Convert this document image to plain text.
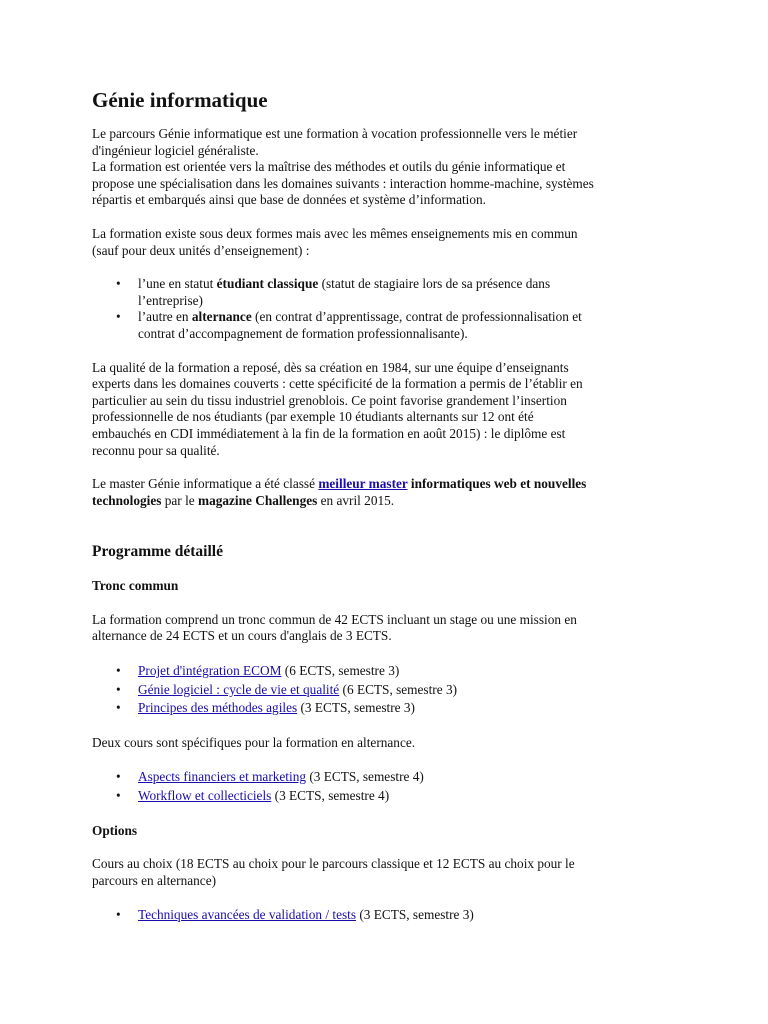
Génie informatique

Le parcours Génie informatique est une formation à vocation professionnelle vers le métier
d'ingénieur logiciel généraliste.
La formation est orientée vers la maîtrise des méthodes et outils du génie informatique et
propose une spécialisation dans les domaines suivants : interaction homme-machine, systèmes
répartis et embarqués ainsi que base de données et système d’information.

La formation existe sous deux formes mais avec les mêmes enseignements mis en commun
(sauf pour deux unités d’enseignement) :

• l’une en statut étudiant classique (statut de stagiaire lors de sa présence dans
l’entreprise)
• l’autre en alternance (en contrat d’apprentissage, contrat de professionnalisation et
contrat d’accompagnement de formation professionnalisante).

La qualité de la formation a reposé, dès sa création en 1984, sur une équipe d’enseignants
experts dans les domaines couverts : cette spécificité de la formation a permis de l’établir en
particulier au sein du tissu industriel grenoblois. Ce point favorise grandement l’insertion
professionnelle de nos étudiants (par exemple 10 étudiants alternants sur 12 ont été
embauchés en CDI immédiatement à la fin de la formation en août 2015) : le diplôme est
reconnu pour sa qualité.

Le master Génie informatique a été classé meilleur master informatiques web et nouvelles
technologies par le magazine Challenges en avril 2015.

Programme détaillé
Tronc commun

La formation comprend un tronc commun de 42 ECTS incluant un stage ou une mission en
alternance de 24 ECTS et un cours d'anglais de 3 ECTS.

• Projet d'intégration ECOM (6 ECTS, semestre 3)
• Génie logiciel : cycle de vie et qualité (6 ECTS, semestre 3)
• Principes des méthodes agiles (3 ECTS, semestre 3)

Deux cours sont spécifiques pour la formation en alternance.

• Aspects financiers et marketing (3 ECTS, semestre 4)
• Workflow et collecticiels (3 ECTS, semestre 4)
Options

Cours au choix (18 ECTS au choix pour le parcours classique et 12 ECTS au choix pour le
parcours en alternance)

• Techniques avancées de validation / tests (3 ECTS, semestre 3)
